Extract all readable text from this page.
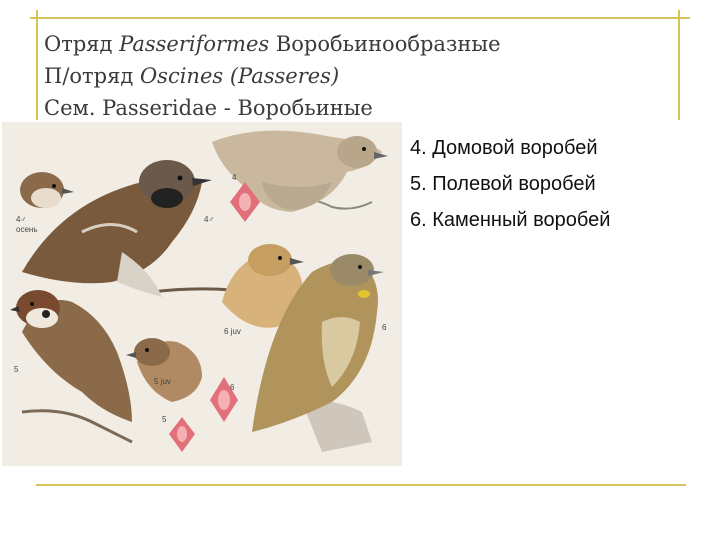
Отряд Passeriformes Воробьинообразные
П/отряд Oscines (Passeres)
Сем. Passeridae - Воробьиные
4♂
осень
4
4♂
6 juv	6
5
5 juv
6
5
4. Домовой воробей
5. Полевой воробей
6. Каменный воробей
